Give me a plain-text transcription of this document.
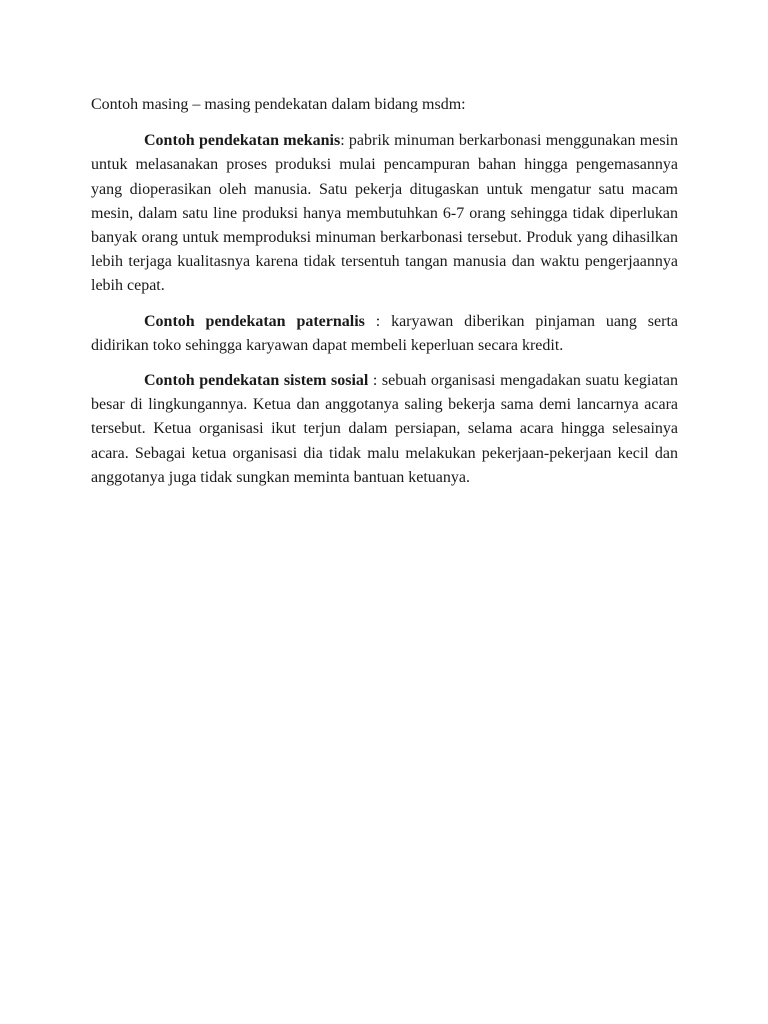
Contoh masing – masing pendekatan dalam bidang msdm:

Contoh pendekatan mekanis: pabrik minuman berkarbonasi menggunakan mesin untuk melasanakan proses produksi mulai pencampuran bahan hingga pengemasannya yang dioperasikan oleh manusia. Satu pekerja ditugaskan untuk mengatur satu macam mesin, dalam satu line produksi hanya membutuhkan 6-7 orang sehingga tidak diperlukan banyak orang untuk memproduksi minuman berkarbonasi tersebut. Produk yang dihasilkan lebih terjaga kualitasnya karena tidak tersentuh tangan manusia dan waktu pengerjaannya lebih cepat.

Contoh pendekatan paternalis : karyawan diberikan pinjaman uang serta didirikan toko sehingga karyawan dapat membeli keperluan secara kredit.

Contoh pendekatan sistem sosial : sebuah organisasi mengadakan suatu kegiatan besar di lingkungannya. Ketua dan anggotanya saling bekerja sama demi lancarnya acara tersebut. Ketua organisasi ikut terjun dalam persiapan, selama acara hingga selesainya acara. Sebagai ketua organisasi dia tidak malu melakukan pekerjaan-pekerjaan kecil dan anggotanya juga tidak sungkan meminta bantuan ketuanya.
